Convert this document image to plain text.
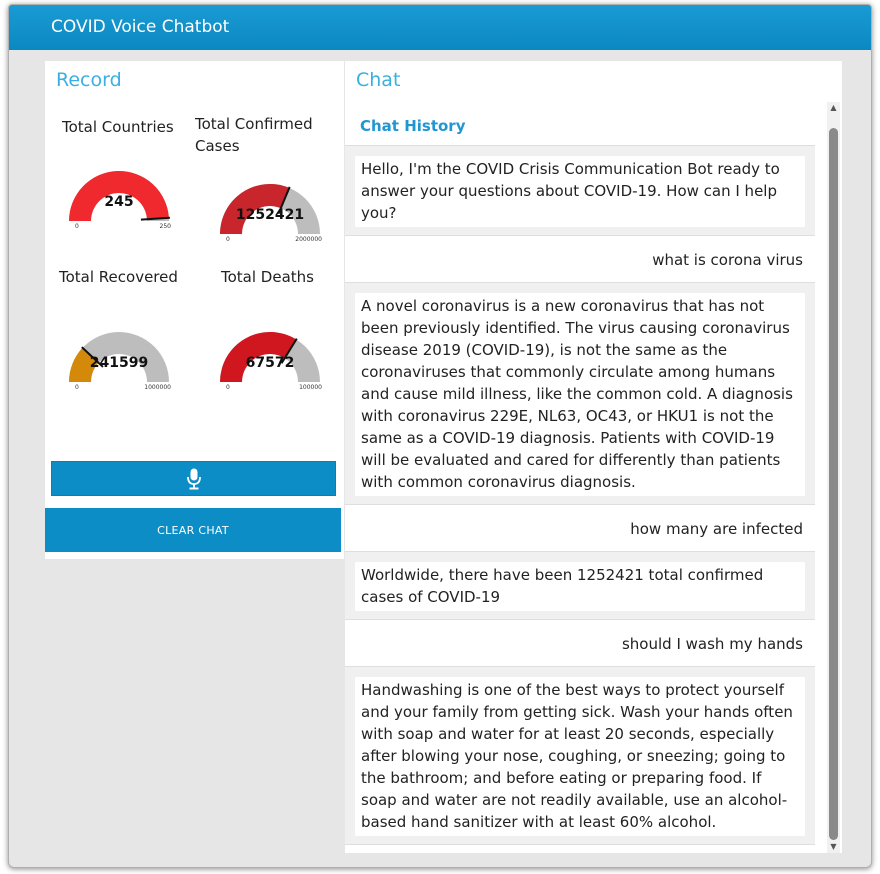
COVID Voice Chatbot
Record
Total Countries
245
0	250
Total Confirmed Cases
1252421
0	2000000
Total Recovered
241599
0	1000000
Total Deaths
67572
0	100000
CLEAR CHAT
Chat
Chat History
Hello, I'm the COVID Crisis Communication Bot ready to answer your questions about COVID-19. How can I help you?
what is corona virus
A novel coronavirus is a new coronavirus that has not been previously identified. The virus causing coronavirus disease 2019 (COVID-19), is not the same as the coronaviruses that commonly circulate among humans and cause mild illness, like the common cold. A diagnosis with coronavirus 229E, NL63, OC43, or HKU1 is not the same as a COVID-19 diagnosis. Patients with COVID-19 will be evaluated and cared for differently than patients with common coronavirus diagnosis.
how many are infected
Worldwide, there have been 1252421 total confirmed cases of COVID-19
should I wash my hands
Handwashing is one of the best ways to protect yourself and your family from getting sick. Wash your hands often with soap and water for at least 20 seconds, especially after blowing your nose, coughing, or sneezing; going to the bathroom; and before eating or preparing food. If soap and water are not readily available, use an alcohol-based hand sanitizer with at least 60% alcohol.
▲
▼
